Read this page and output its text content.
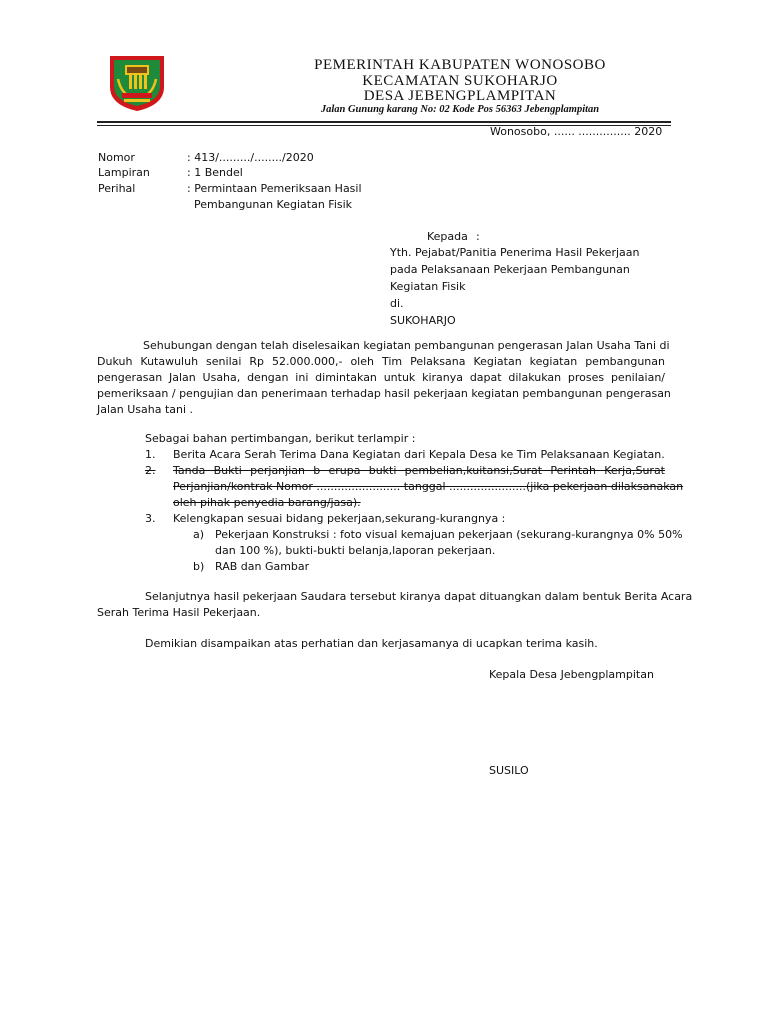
PEMERINTAH KABUPATEN WONOSOBO
KECAMATAN SUKOHARJO
DESA JEBENGPLAMPITAN
Jalan Gunung karang No: 02 Kode Pos 56363 Jebengplampitan
Wonosobo, ...... ............... 2020
Nomor	: 413/........./......../2020
Lampiran	: 1 Bendel
Perihal	: Permintaan Pemeriksaan Hasil
Pembangunan Kegiatan Fisik
Kepada :
Yth. Pejabat/Panitia Penerima Hasil Pekerjaan
pada Pelaksanaan Pekerjaan Pembangunan
Kegiatan Fisik
di.
SUKOHARJO
Sehubungan dengan telah diselesaikan kegiatan pembangunan pengerasan Jalan Usaha Tani di
Dukuh Kutawuluh senilai Rp 52.000.000,- oleh Tim Pelaksana Kegiatan kegiatan pembangunan
pengerasan Jalan Usaha, dengan ini dimintakan untuk kiranya dapat dilakukan proses penilaian/
pemeriksaan / pengujian dan penerimaan terhadap hasil pekerjaan kegiatan pembangunan pengerasan
Jalan Usaha tani .
Sebagai bahan pertimbangan, berikut terlampir :
1. Berita Acara Serah Terima Dana Kegiatan dari Kepala Desa ke Tim Pelaksanaan Kegiatan.
2. Tanda Bukti perjanjian b erupa bukti pembelian,kuitansi,Surat Perintah Kerja,Surat
Perjanjian/kontrak Nomor ........................ tanggal ......................(jika pekerjaan dilaksanakan
oleh pihak penyedia barang/jasa).
3. Kelengkapan sesuai bidang pekerjaan,sekurang-kurangnya :
a) Pekerjaan Konstruksi : foto visual kemajuan pekerjaan (sekurang-kurangnya 0% 50%
dan 100 %), bukti-bukti belanja,laporan pekerjaan.
b) RAB dan Gambar
Selanjutnya hasil pekerjaan Saudara tersebut kiranya dapat dituangkan dalam bentuk Berita Acara
Serah Terima Hasil Pekerjaan.
Demikian disampaikan atas perhatian dan kerjasamanya di ucapkan terima kasih.
Kepala Desa Jebengplampitan
SUSILO
